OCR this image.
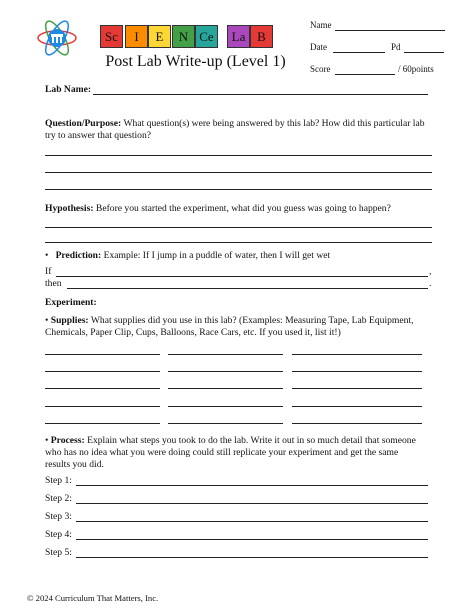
Sc	I	E	N Ce	La B
Post Lab Write-up (Level 1)
Name
Date	Pd
Score	/ 60points
Lab Name:
Question/Purpose: What question(s) were being answered by this lab? How did this particular lab
try to answer that question?
Hypothesis: Before you started the experiment, what did you guess was going to happen?
• Prediction: Example: If I jump in a puddle of water, then I will get wet
If	,
then	.
Experiment:
• Supplies: What supplies did you use in this lab? (Examples: Measuring Tape, Lab Equipment,
Chemicals, Paper Clip, Cups, Balloons, Race Cars, etc. If you used it, list it!)
• Process: Explain what steps you took to do the lab. Write it out in so much detail that someone
who has no idea what you were doing could still replicate your experiment and get the same
results you did.
Step 1:
Step 2:
Step 3:
Step 4:
Step 5:
© 2024 Curriculum That Matters, Inc.
